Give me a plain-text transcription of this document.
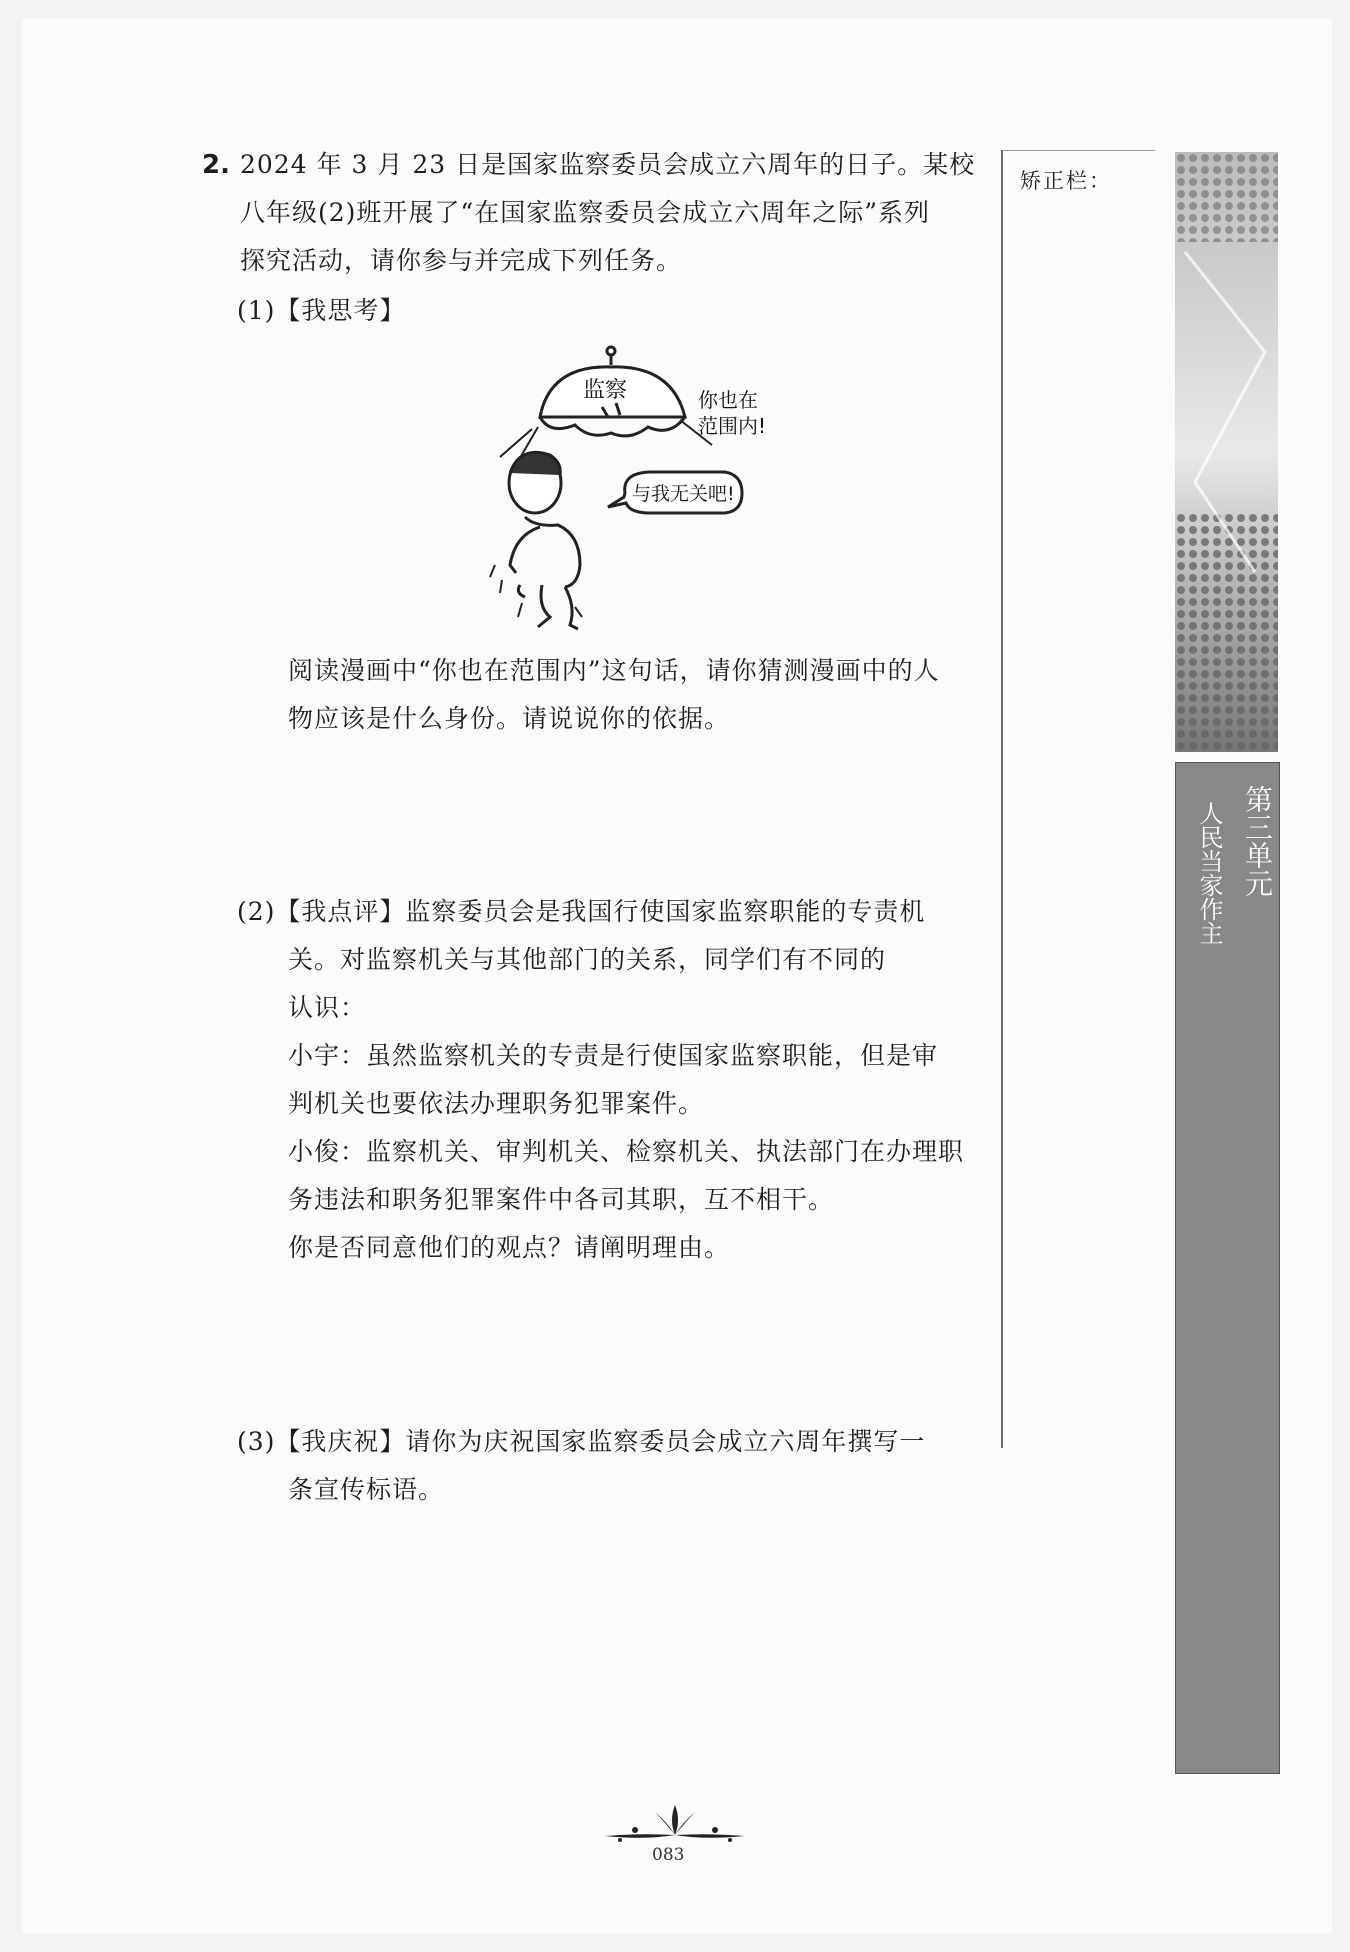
2. 2024 年 3 月 23 日是国家监察委员会成立六周年的日子。某校
八年级(2)班开展了“在国家监察委员会成立六周年之际”系列
探究活动，请你参与并完成下列任务。
(1)【我思考】
监察	你也在
范围内!
与我无关吧!
阅读漫画中“你也在范围内”这句话，请你猜测漫画中的人
物应该是什么身份。请说说你的依据。
(2)【我点评】监察委员会是我国行使国家监察职能的专责机
关。对监察机关与其他部门的关系，同学们有不同的
认识：
小宇：虽然监察机关的专责是行使国家监察职能，但是审
判机关也要依法办理职务犯罪案件。
小俊：监察机关、审判机关、检察机关、执法部门在办理职
务违法和职务犯罪案件中各司其职，互不相干。
你是否同意他们的观点？请阐明理由。
(3)【我庆祝】请你为庆祝国家监察委员会成立六周年撰写一
条宣传标语。
矫正栏：
第三单元
人民当家作主
083
